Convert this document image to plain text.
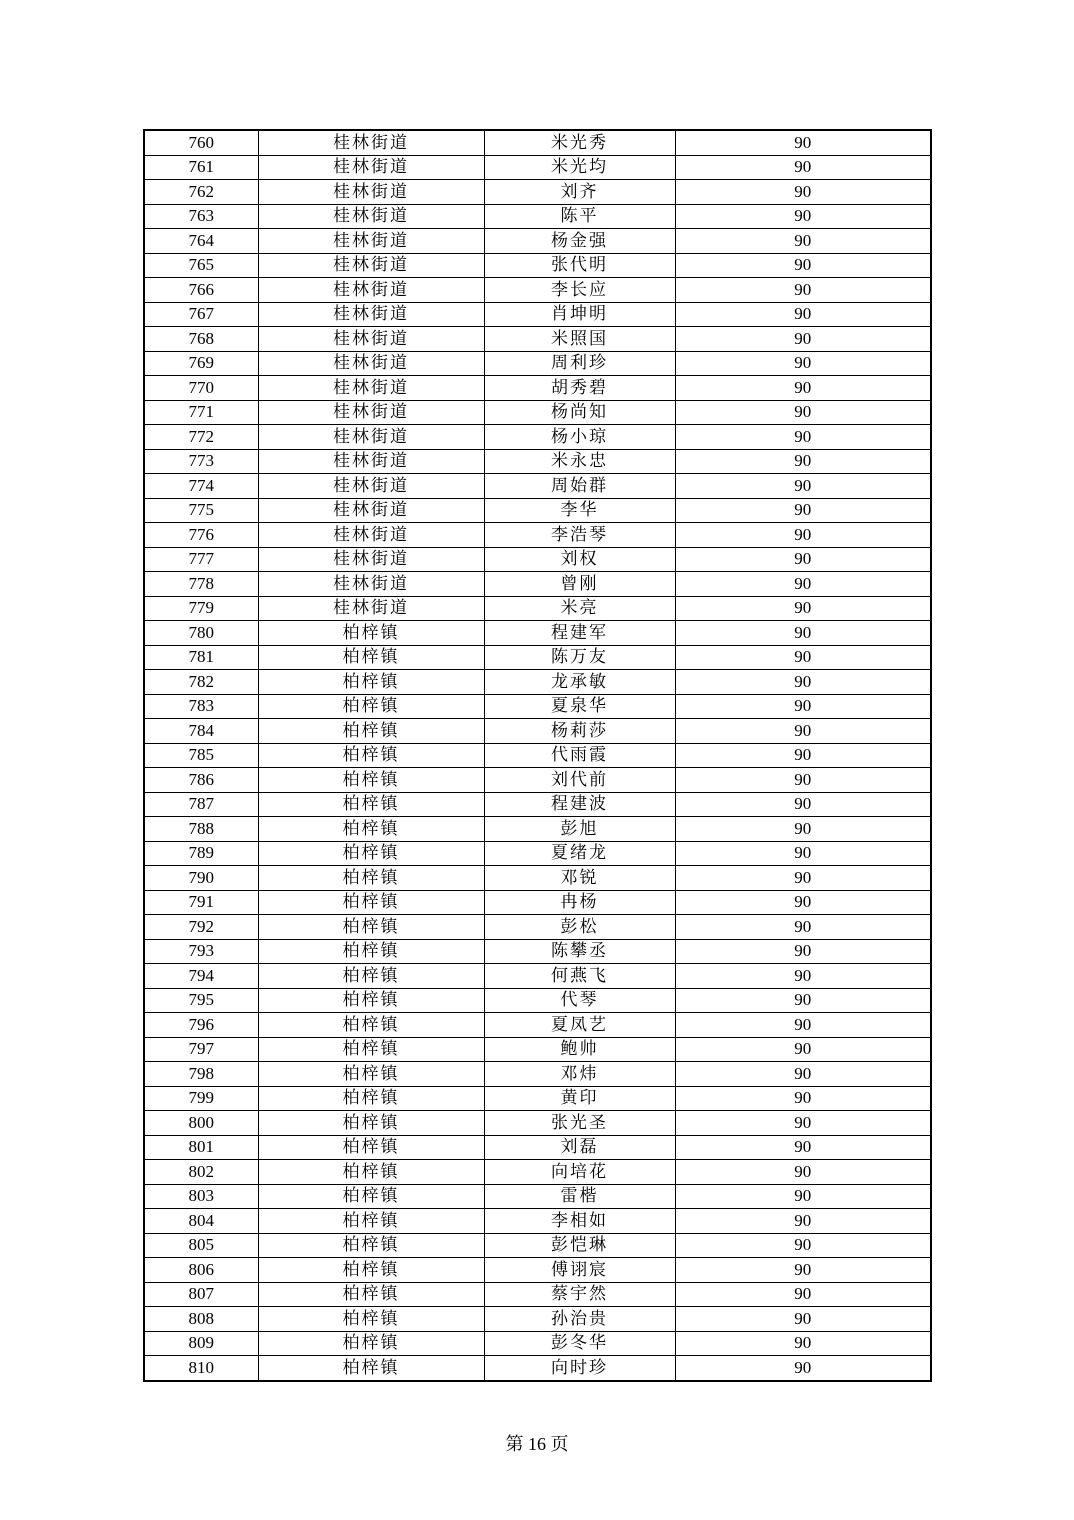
760	桂林街道	米光秀	90
761	桂林街道	米光均	90
762	桂林街道	刘齐	90
763	桂林街道	陈平	90
764	桂林街道	杨金强	90
765	桂林街道	张代明	90
766	桂林街道	李长应	90
767	桂林街道	肖坤明	90
768	桂林街道	米照国	90
769	桂林街道	周利珍	90
770	桂林街道	胡秀碧	90
771	桂林街道	杨尚知	90
772	桂林街道	杨小琼	90
773	桂林街道	米永忠	90
774	桂林街道	周始群	90
775	桂林街道	李华	90
776	桂林街道	李浩琴	90
777	桂林街道	刘权	90
778	桂林街道	曾刚	90
779	桂林街道	米亮	90
780	柏梓镇	程建军	90
781	柏梓镇	陈万友	90
782	柏梓镇	龙承敏	90
783	柏梓镇	夏泉华	90
784	柏梓镇	杨莉莎	90
785	柏梓镇	代雨霞	90
786	柏梓镇	刘代前	90
787	柏梓镇	程建波	90
788	柏梓镇	彭旭	90
789	柏梓镇	夏绪龙	90
790	柏梓镇	邓锐	90
791	柏梓镇	冉杨	90
792	柏梓镇	彭松	90
793	柏梓镇	陈攀丞	90
794	柏梓镇	何燕飞	90
795	柏梓镇	代琴	90
796	柏梓镇	夏凤艺	90
797	柏梓镇	鲍帅	90
798	柏梓镇	邓炜	90
799	柏梓镇	黄印	90
800	柏梓镇	张光圣	90
801	柏梓镇	刘磊	90
802	柏梓镇	向培花	90
803	柏梓镇	雷楷	90
804	柏梓镇	李相如	90
805	柏梓镇	彭恺琳	90
806	柏梓镇	傅诩宸	90
807	柏梓镇	蔡宇然	90
808	柏梓镇	孙治贵	90
809	柏梓镇	彭冬华	90
810	柏梓镇	向时珍	90
第 16 页
